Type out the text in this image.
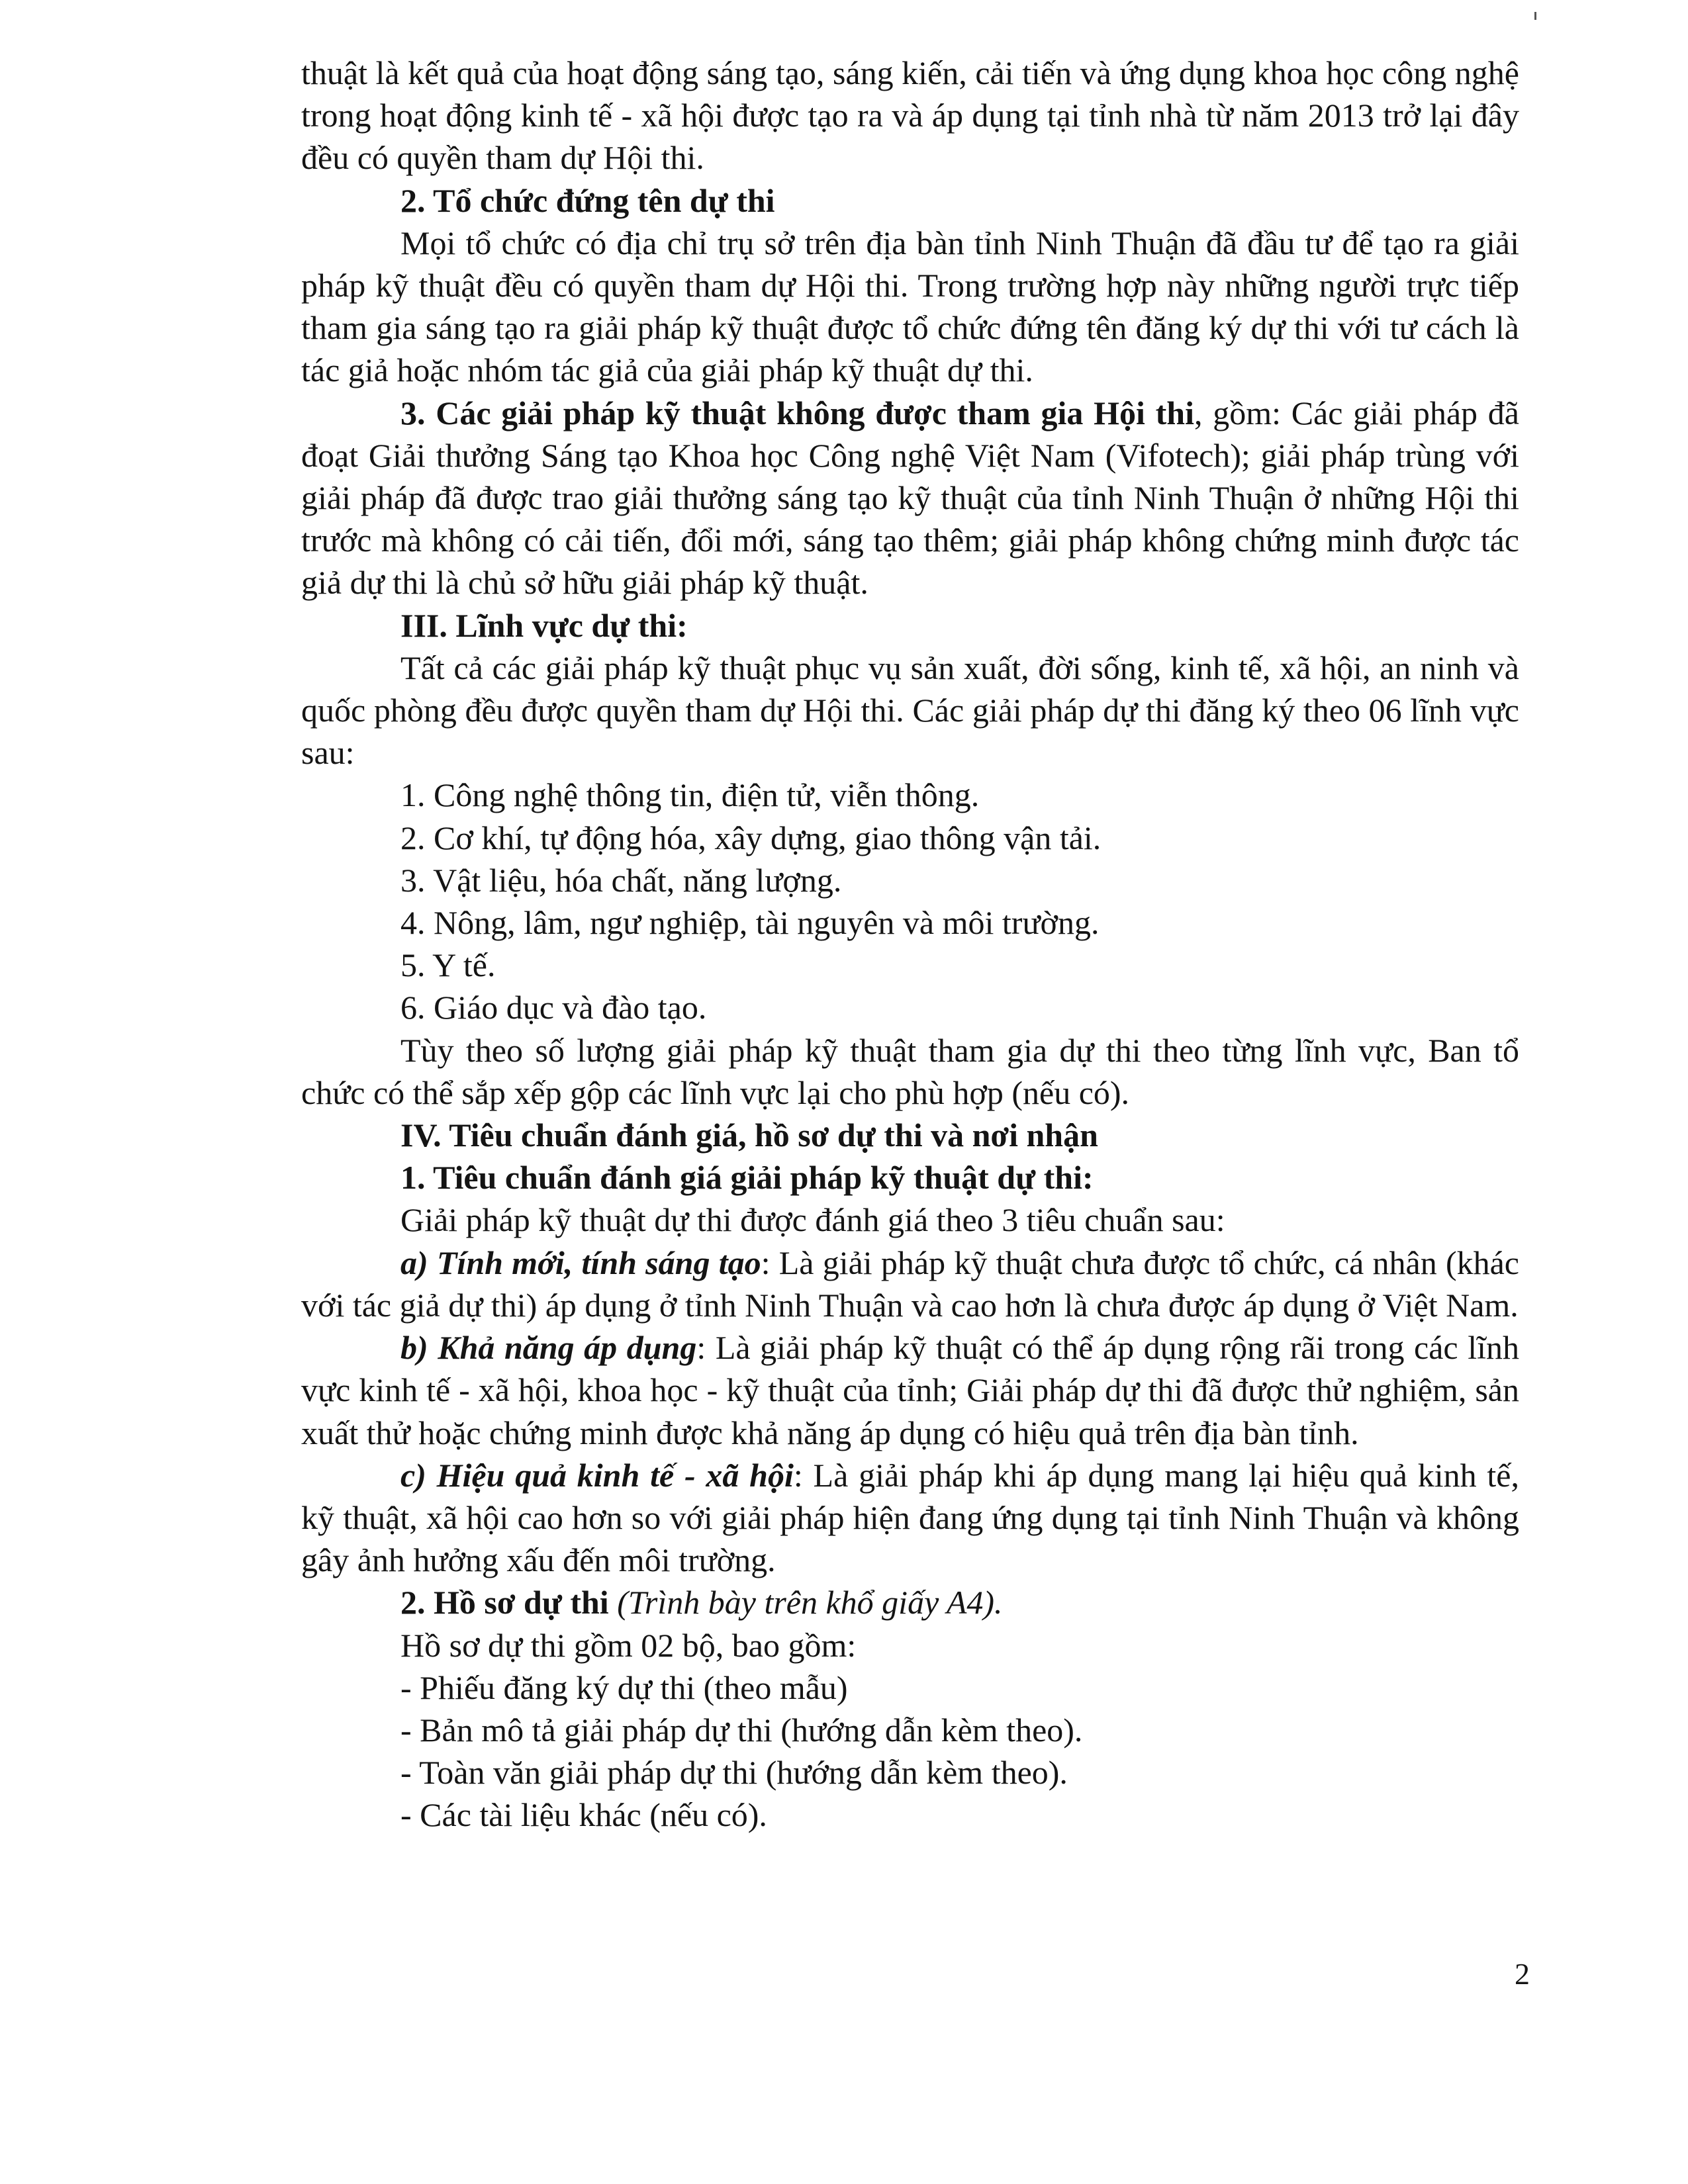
thuật là kết quả của hoạt động sáng tạo, sáng kiến, cải tiến và ứng dụng khoa học công nghệ trong hoạt động kinh tế - xã hội được tạo ra và áp dụng tại tỉnh nhà từ năm 2013 trở lại đây đều có quyền tham dự Hội thi.

2. Tổ chức đứng tên dự thi

Mọi tổ chức có địa chỉ trụ sở trên địa bàn tỉnh Ninh Thuận đã đầu tư để tạo ra giải pháp kỹ thuật đều có quyền tham dự Hội thi. Trong trường hợp này những người trực tiếp tham gia sáng tạo ra giải pháp kỹ thuật được tổ chức đứng tên đăng ký dự thi với tư cách là tác giả hoặc nhóm tác giả của giải pháp kỹ thuật dự thi.

3. Các giải pháp kỹ thuật không được tham gia Hội thi, gồm: Các giải pháp đã đoạt Giải thưởng Sáng tạo Khoa học Công nghệ Việt Nam (Vifotech); giải pháp trùng với giải pháp đã được trao giải thưởng sáng tạo kỹ thuật của tỉnh Ninh Thuận ở những Hội thi trước mà không có cải tiến, đổi mới, sáng tạo thêm; giải pháp không chứng minh được tác giả dự thi là chủ sở hữu giải pháp kỹ thuật.

III. Lĩnh vực dự thi:

Tất cả các giải pháp kỹ thuật phục vụ sản xuất, đời sống, kinh tế, xã hội, an ninh và quốc phòng đều được quyền tham dự Hội thi. Các giải pháp dự thi đăng ký theo 06 lĩnh vực sau:

1. Công nghệ thông tin, điện tử, viễn thông.

2. Cơ khí, tự động hóa, xây dựng, giao thông vận tải.

3. Vật liệu, hóa chất, năng lượng.

4. Nông, lâm, ngư nghiệp, tài nguyên và môi trường.

5. Y tế.

6. Giáo dục và đào tạo.

Tùy theo số lượng giải pháp kỹ thuật tham gia dự thi theo từng lĩnh vực, Ban tổ chức có thể sắp xếp gộp các lĩnh vực lại cho phù hợp (nếu có).

IV. Tiêu chuẩn đánh giá, hồ sơ dự thi và nơi nhận

1. Tiêu chuẩn đánh giá giải pháp kỹ thuật dự thi:

Giải pháp kỹ thuật dự thi được đánh giá theo 3 tiêu chuẩn sau:

a) Tính mới, tính sáng tạo: Là giải pháp kỹ thuật chưa được tổ chức, cá nhân (khác với tác giả dự thi) áp dụng ở tỉnh Ninh Thuận và cao hơn là chưa được áp dụng ở Việt Nam.

b) Khả năng áp dụng: Là giải pháp kỹ thuật có thể áp dụng rộng rãi trong các lĩnh vực kinh tế - xã hội, khoa học - kỹ thuật của tỉnh; Giải pháp dự thi đã được thử nghiệm, sản xuất thử hoặc chứng minh được khả năng áp dụng có hiệu quả trên địa bàn tỉnh.

c) Hiệu quả kinh tế - xã hội: Là giải pháp khi áp dụng mang lại hiệu quả kinh tế, kỹ thuật, xã hội cao hơn so với giải pháp hiện đang ứng dụng tại tỉnh Ninh Thuận và không gây ảnh hưởng xấu đến môi trường.

2. Hồ sơ dự thi (Trình bày trên khổ giấy A4).

Hồ sơ dự thi gồm 02 bộ, bao gồm:

- Phiếu đăng ký dự thi (theo mẫu)

- Bản mô tả giải pháp dự thi (hướng dẫn kèm theo).

- Toàn văn giải pháp dự thi (hướng dẫn kèm theo).

- Các tài liệu khác (nếu có).

2
